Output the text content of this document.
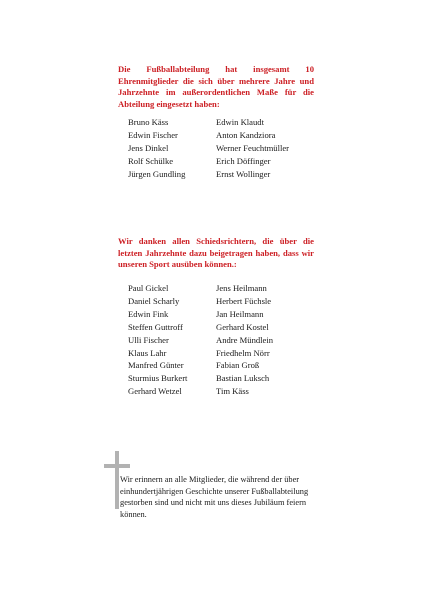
Die Fußballabteilung hat insgesamt 10 Ehrenmitglieder die sich über mehrere Jahre und Jahrzehnte im außerordentlichen Maße für die Abteilung eingesetzt haben:

Bruno Käss
Edwin Fischer
Jens Dinkel
Rolf Schülke
Jürgen Gundling
Edwin Klaudt
Anton Kandziora
Werner Feuchtmüller
Erich Döffinger
Ernst Wollinger

Wir danken allen Schiedsrichtern, die über die letzten Jahrzehnte dazu beigetragen haben, dass wir unseren Sport ausüben können.:

Paul Gickel
Daniel Scharly
Edwin Fink
Steffen Guttroff
Ulli Fischer
Klaus Lahr
Manfred Günter
Sturmius Burkert
Gerhard Wetzel
Jens Heilmann
Herbert Füchsle
Jan Heilmann
Gerhard Kostel
Andre Mündlein
Friedhelm Nörr
Fabian Groß
Bastian Luksch
Tim Käss

Wir erinnern an alle Mitglieder, die während der über einhundertjährigen Geschichte unserer Fußballabteilung gestorben sind und nicht mit uns dieses Jubiläum feiern können.
